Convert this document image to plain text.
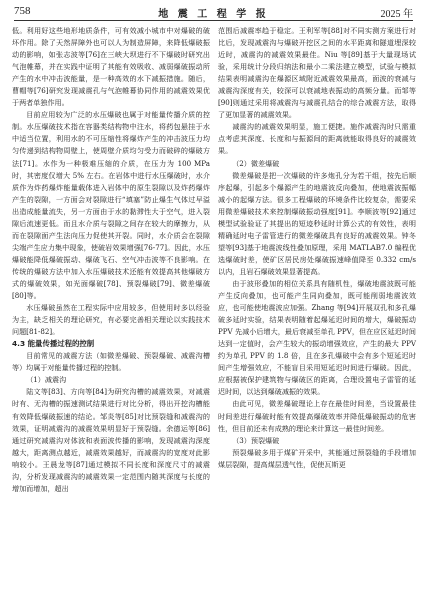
758	地 震 工 程 学 报	2025 年

低。利用好这些地形地质条件，可有效减小城市中对爆破的破坏作用。除了天然屏障外也可以人为制造屏障，来降低爆破振动的影响，如张志波等[76]在三峡大坝进行不下爆破时研究出气泡帷幕，并在实践中证明了其能有效吸收、减弱爆破振动所产生的水中冲击波能量，是一种高效的水下减振措施。随后，曹帽等[76]研究发现减震孔与气泡帷幕协同作用的减震效果优于两者单独作用。

目前应用较为广泛的水压爆破也属于对能量传播介质的控制。水压爆破技术指在容器类结构物中注水，将药包悬挂于水中适当位置，利用水的不可压缩性将爆炸产生的冲击波压力均匀传递到结构物周壁上，使周壁介质均匀受力而破碎的爆破方法[71]。水作为一种极难压缩的介质，在压力为 100 MPa 时，其密度仅增大 5% 左右。在岩体中进行水压爆破时，水介质作为炸药爆炸能量载体进入岩体中的原生裂隙以及炸药爆炸产生的裂隙，一方面会对裂隙进行“填塞”防止爆生气体过早溢出造成能量流失，另一方面由于水的黏滞性大于空气，进入裂隙后流速更低。而且水介质与裂隙之间存在较大的摩擦力，从而在裂隙面产生法向压力促使其开裂。同时，水介质会在裂隙尖端产生应力集中现象，使破岩效果增强[76-77]。因此，水压爆破能降低爆破振动、爆破飞石、空气冲击波等不良影响。在传统的爆破方法中加入水压爆破技术还能有效提高其他爆破方式的爆破效果，如光面爆破[78]、预裂爆破[79]、微差爆破[80]等。

水压爆破虽然在工程实际中应用较多，但使用时多以经验为主，缺乏相关的理论研究，有必要完善相关理论以实践技术问题[81-82]。

4.3 能量传播过程的控制

目前常见的减震方法（如微差爆破、预裂爆破、减震沟槽等）均属于对能量传播过程的控制。

（1）减震沟

陆文等[83]、方向等[84]为研究沟槽的减震效果，对减震时有、无沟槽的振速测试结果进行对比分析，得出开挖沟槽能有效降低爆破振速的结论。邹炎等[85]对比预裂缝和减震沟的效果，证明减震沟的减震效果明显好于预裂缝。余德运等[86]通过研究减震沟对体波和表面波传播的影响，发现减震沟深度越大，距离测点越近，减震效果越好，而减震沟的宽度对此影响较小。王晨龙等[87]通过模拟不同长度和深度尺寸的减震沟，分析发现减震沟的减震效果一定范围内随其深度与长度的增加而增加，超出

范围后减震率趋于稳定。王利军等[88]对不同实测方案进行对比后，发现减震沟与爆破开挖区之间的水平距离和隧道埋深较近时，减震沟的减震效果最佳。Niu 等[89]基于大量现场试验，采用统计分段归纳法和最小二乘法建立模型，试验与模拟结果表明减震沟在爆源区域附近减震效果最高，面波的衰减与减震沟深度有关，较深可以衰减地表振动的高频分量。而邹等[90]则通过采用将减震沟与减震孔结合的综合减震方法，取得了更加显著的减震效果。

减震沟的减震效果明显，施工便捷。施作减震沟时只需重点考虑其深度、长度和与振源间的距离就能取得良好的减震效果。

（2）微差爆破

微差爆破是把一次爆破的许多炮孔分为若干组，按先后顺序起爆，引起多个爆源产生的地震波反向叠加，使地震波振幅减小的起爆方法。很多工程爆破的环境条件比较复杂，需要采用微差爆破技术来控制爆破振动强度[91]。李顺波等[92]通过模型试验验证了其提出的短迹秒延时计算公式的有效性，表明精确延时电子雷管进行的微差爆破具有良好的减震效果。钟冬望等[93]基于地震波线性叠加原理，采用 MATLAB7.0 编程优选爆破时差，使矿区居民房处爆破振速峰值降至 0.332 cm/s 以内，且岩石爆破效果显著提高。

由于波形叠加的相位关系具有随机性，爆破地震波既可能产生反向叠加，也可能产生同向叠加，既可能削弱地震波效应，也可能使地震波应加强。Zhang 等[94]开展双孔和多孔爆破多延时实验，结果表明随着起爆延迟时间的增大，爆破振动 PPV 先减小后增大，最后衰减至单孔 PPV，但在应区延迟时间达到一定值时，会产生较大的振动增强效应，产生的最大 PPV 约为单孔 PPV 的 1.8 倍，且在多孔爆破中会有多个短延迟时间产生增强效应，不能盲目采用短延迟时间进行爆破。因此，应根据被保护建筑物与爆破区的距离，合理设置电子雷管的延迟时间，以达到爆破减振的效果。

由此可见，微差爆破理论上存在最佳时间差，当设置最佳时间差进行爆破时能有效提高爆破效率并降低爆破振动的危害性，但目前还未有成熟的理论来计算这一最佳时间差。

（3）预裂爆破

预裂爆破多用于煤矿开采中，其能通过预裂缝的手段增加煤层裂隙，提高煤层透气性，促使瓦斯更
